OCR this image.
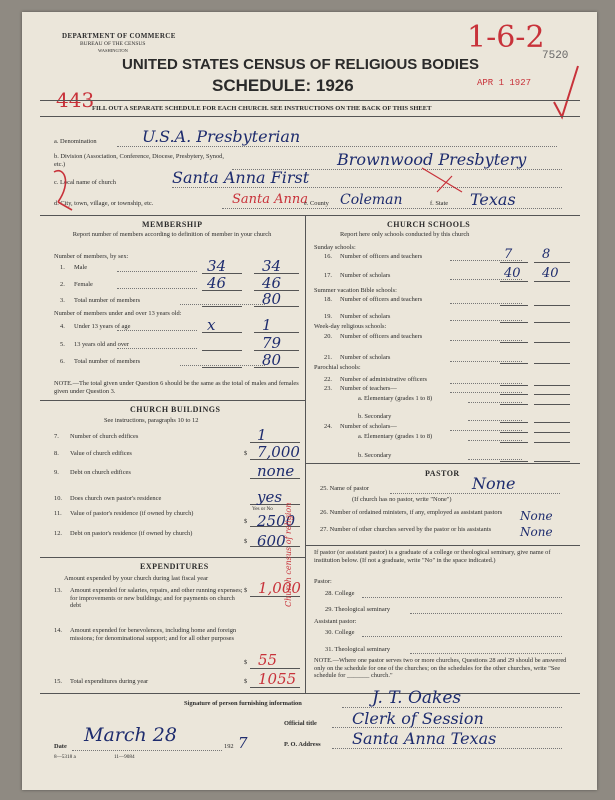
DEPARTMENT OF COMMERCE
BUREAU OF THE CENSUS
WASHINGTON
UNITED STATES CENSUS OF RELIGIOUS BODIES
SCHEDULE: 1926
7520
APR 1 1927
1-6-2
443
FILL OUT A SEPARATE SCHEDULE FOR EACH CHURCH. SEE INSTRUCTIONS ON THE BACK OF THIS SHEET
a. Denomination	U.S.A. Presbyterian
b. Division (Association, Conference, Diocese, Presbytery, Synod, etc.)	Brownwood Presbytery
c. Local name of church	Santa Anna First
d. City, town, village, or township, etc.	Santa Anna
e. County Coleman	f. State Texas
MEMBERSHIP
Report number of members according to definition of member in your church
Number of members, by sex:
Number of members under and over 13 years old:
1. Male	34 34
2. Female	46 46
3. Total number of members	80
4. Under 13 years of age	x	1
5. 13 years old and over	79
6. Total number of members	80
NOTE.—The total given under Question 6 should be the same as the total of males and females given under Question 3.
CHURCH BUILDINGS
See instructions, paragraphs 10 to 12
7. Number of church edifices	1
8. Value of church edifices	$ 7,000
9. Debt on church edifices	none
10. Does church own pastor's residence	yes
11. Value of pastor's residence (if owned by church)
$ 2500
12. Debt on pastor's residence (if owned by church)
$ 600
Yes or No
EXPENDITURES
Amount expended by your church during last fiscal year
13. Amount expended for salaries, repairs, and other running expenses; for improvements or new buildings; and for payments on church debt
$ 1,000
14. Amount expended for benevolences, including home and foreign missions; for denominational support; and for all other purposes
$ 55
15. Total expenditures during year	$ 1055
Church census of religion
CHURCH SCHOOLS
Report here only schools conducted by this church
Sunday schools:
16. Number of officers and teachers	7 8
17. Number of scholars	40 40
Summer vacation Bible schools:
18. Number of officers and teachers
19. Number of scholars
Week-day religious schools:
20. Number of officers and teachers
21. Number of scholars
Parochial schools:
22. Number of administrative officers
23. Number of teachers—
a. Elementary (grades 1 to 8)
b. Secondary
24. Number of scholars—
a. Elementary (grades 1 to 8)
b. Secondary
PASTOR
25. Name of pastor	None
(If church has no pastor, write "None")
26. Number of ordained ministers, if any, employed as assistant pastors	None
27. Number of other churches served by the pastor or his assistants	None
If pastor (or assistant pastor) is a graduate of a college or theological seminary, give name of institution below. (If not a graduate, write "No" in the space indicated.)
Pastor:
28. College
29. Theological seminary
Assistant pastor:
30. College
31. Theological seminary
NOTE.—Where one pastor serves two or more churches, Questions 28 and 29 should be answered only on the schedule for one of the churches; on the schedules for the other churches, write "See schedule for _______ church."
Signature of person furnishing information	J. T. Oakes
Official title Clerk of Session
P. O. Address Santa Anna Texas
Date
March 28
192 7
8—5318 a	11—9084
